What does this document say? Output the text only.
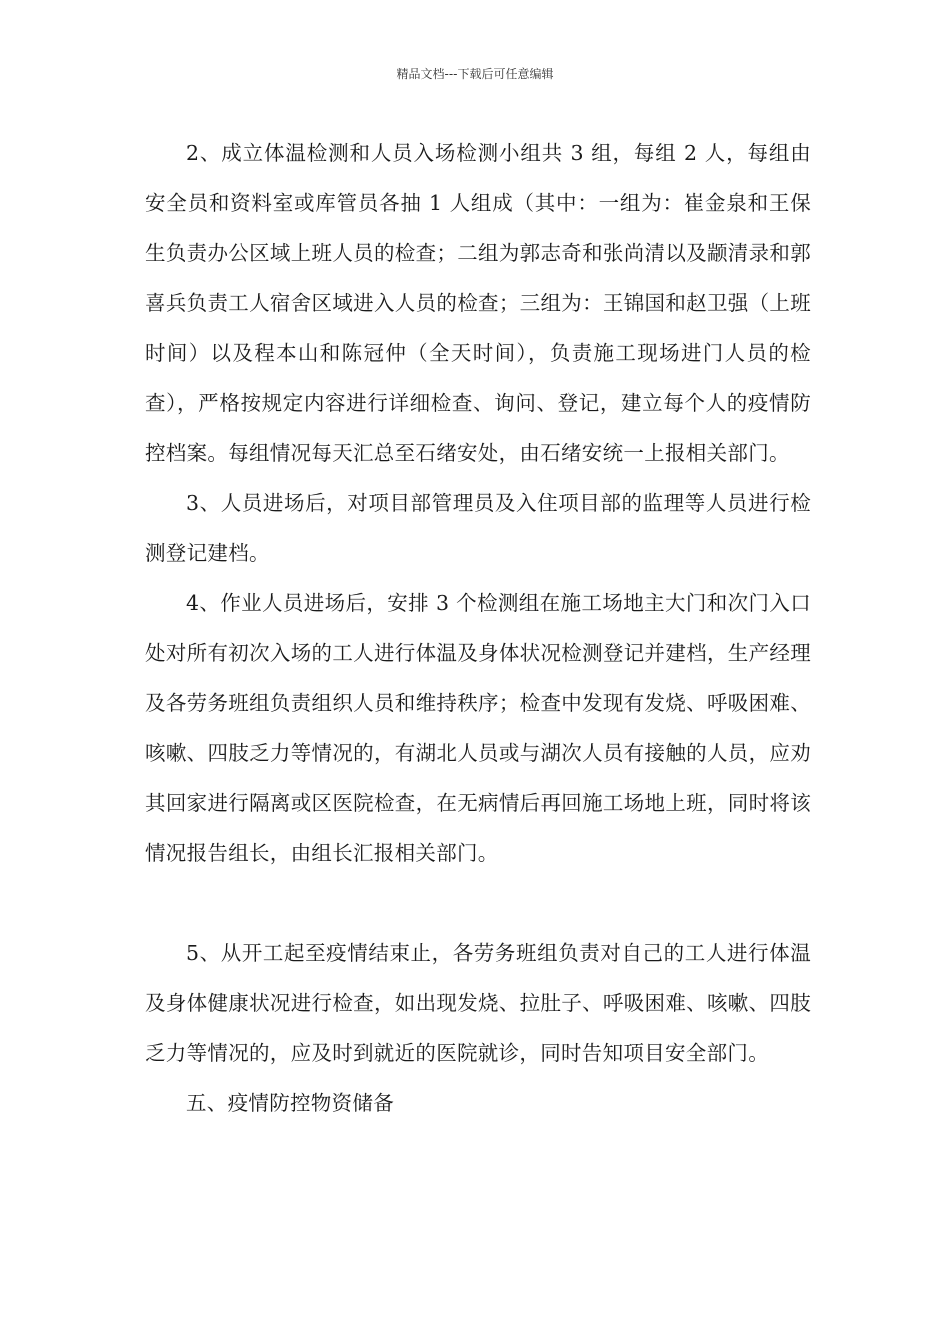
精品文档---下载后可任意编辑

2、成立体温检测和人员入场检测小组共 3 组，每组 2 人，每组由安全员和资料室或库管员各抽 1 人组成（其中：一组为：崔金泉和王保生负责办公区域上班人员的检查；二组为郭志奇和张尚清以及颛清录和郭喜兵负责工人宿舍区域进入人员的检查；三组为：王锦国和赵卫强（上班时间）以及程本山和陈冠仲（全天时间），负责施工现场进门人员的检查），严格按规定内容进行详细检查、询问、登记，建立每个人的疫情防控档案。每组情况每天汇总至石绪安处，由石绪安统一上报相关部门。

3、人员进场后，对项目部管理员及入住项目部的监理等人员进行检测登记建档。

4、作业人员进场后，安排 3 个检测组在施工场地主大门和次门入口处对所有初次入场的工人进行体温及身体状况检测登记并建档，生产经理及各劳务班组负责组织人员和维持秩序；检查中发现有发烧、呼吸困难、咳嗽、四肢乏力等情况的，有湖北人员或与湖次人员有接触的人员，应劝其回家进行隔离或区医院检查，在无病情后再回施工场地上班，同时将该情况报告组长，由组长汇报相关部门。

5、从开工起至疫情结束止，各劳务班组负责对自己的工人进行体温及身体健康状况进行检查，如出现发烧、拉肚子、呼吸困难、咳嗽、四肢乏力等情况的，应及时到就近的医院就诊，同时告知项目安全部门。

五、疫情防控物资储备
